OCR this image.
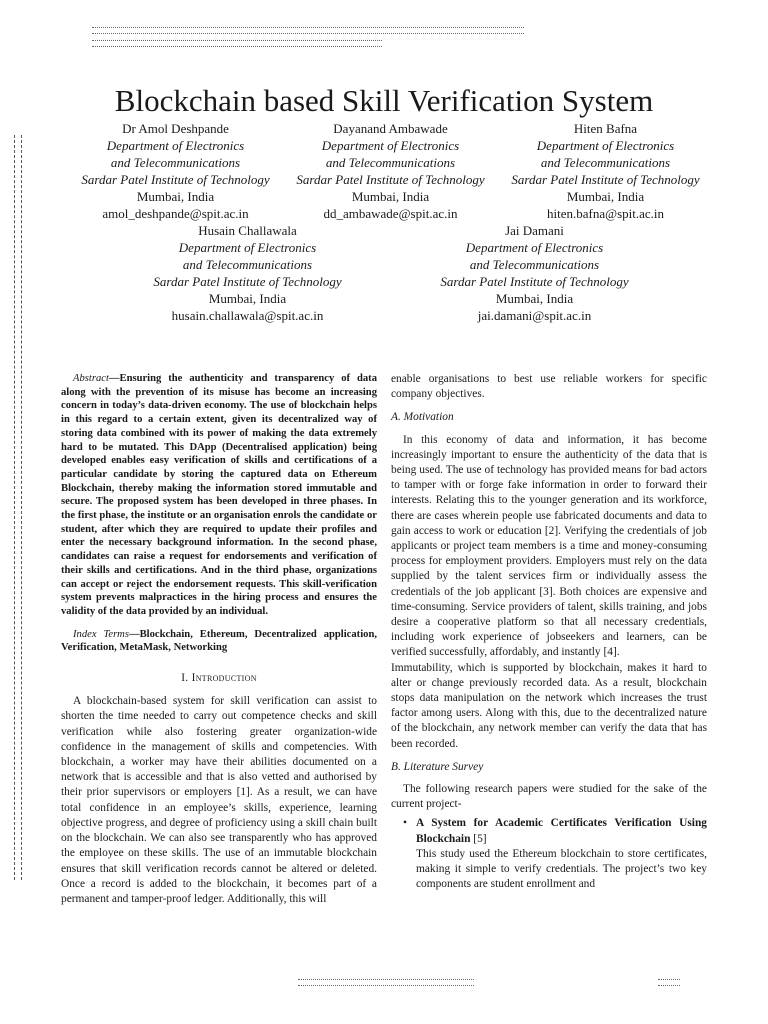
Blockchain based Skill Verification System
Dr Amol Deshpande
Department of Electronics
and Telecommunications
Sardar Patel Institute of Technology
Mumbai, India
amol_deshpande@spit.ac.in
Dayanand Ambawade
Department of Electronics
and Telecommunications
Sardar Patel Institute of Technology
Mumbai, India
dd_ambawade@spit.ac.in
Hiten Bafna
Department of Electronics
and Telecommunications
Sardar Patel Institute of Technology
Mumbai, India
hiten.bafna@spit.ac.in
Husain Challawala
Department of Electronics
and Telecommunications
Sardar Patel Institute of Technology
Mumbai, India
husain.challawala@spit.ac.in
Jai Damani
Department of Electronics
and Telecommunications
Sardar Patel Institute of Technology
Mumbai, India
jai.damani@spit.ac.in

Abstract—Ensuring the authenticity and transparency of data along with the prevention of its misuse has become an increasing concern in today’s data-driven economy. The use of blockchain helps in this regard to a certain extent, given its decentralized way of storing data combined with its power of making the data extremely hard to be mutated. This DApp (Decentralised application) being developed enables easy verification of skills and certifications of a particular candidate by storing the captured data on Ethereum Blockchain, thereby making the information stored immutable and secure. The proposed system has been developed in three phases. In the first phase, the institute or an organisation enrols the candidate or student, after which they are required to update their profiles and enter the necessary background information. In the second phase, candidates can raise a request for endorsements and verification of their skills and certifications. And in the third phase, organizations can accept or reject the endorsement requests. This skill-verification system prevents malpractices in the hiring process and ensures the validity of the data provided by an individual.

Index Terms—Blockchain, Ethereum, Decentralized application, Verification, MetaMask, Networking

I. Introduction

A blockchain-based system for skill verification can assist to shorten the time needed to carry out competence checks and skill verification while also fostering greater organization-wide confidence in the management of skills and competencies. With blockchain, a worker may have their abilities documented on a network that is accessible and that is also vetted and authorised by their prior supervisors or employers [1]. As a result, we can have total confidence in an employee’s skills, experience, learning objective progress, and degree of proficiency using a skill chain built on the blockchain. We can also see transparently who has approved the employee on these skills. The use of an immutable blockchain ensures that skill verification records cannot be altered or deleted. Once a record is added to the blockchain, it becomes part of a permanent and tamper-proof ledger. Additionally, this will

enable organisations to best use reliable workers for specific company objectives.

A. Motivation

In this economy of data and information, it has become increasingly important to ensure the authenticity of the data that is being used. The use of technology has provided means for bad actors to tamper with or forge fake information in order to forward their interests. Relating this to the younger generation and its workforce, there are cases wherein people use fabricated documents and data to gain access to work or education [2]. Verifying the credentials of job applicants or project team members is a time and money-consuming process for employment providers. Employers must rely on the data supplied by the talent services firm or individually assess the credentials of the job applicant [3]. Both choices are expensive and time-consuming. Service providers of talent, skills training, and jobs desire a cooperative platform so that all necessary credentials, including work experience of jobseekers and learners, can be verified successfully, affordably, and instantly [4].

Immutability, which is supported by blockchain, makes it hard to alter or change previously recorded data. As a result, blockchain stops data manipulation on the network which increases the trust factor among users. Along with this, due to the decentralized nature of the blockchain, any network member can verify the data that has been recorded.

B. Literature Survey

The following research papers were studied for the sake of the current project-

• A System for Academic Certificates Verification Using Blockchain [5]

This study used the Ethereum blockchain to store certificates, making it simple to verify credentials. The project’s two key components are student enrollment and
